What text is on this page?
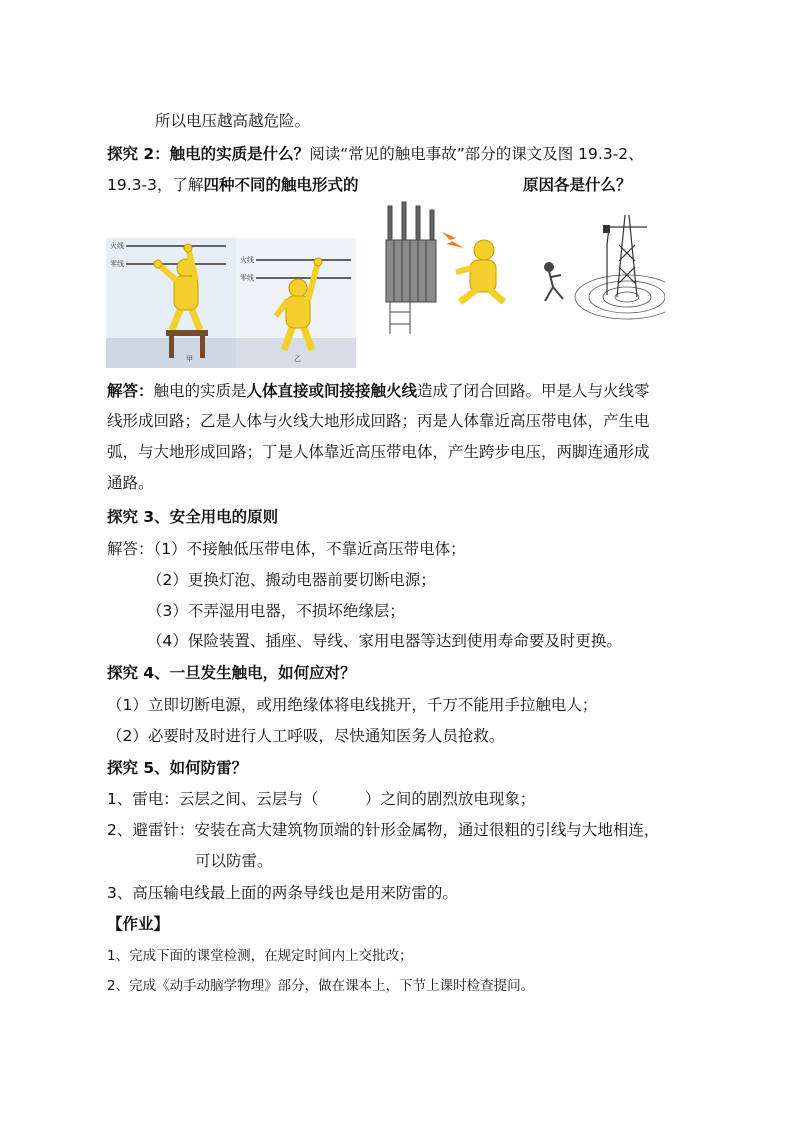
所以电压越高越危险。
探究 2：触电的实质是什么？阅读“常见的触电事故”部分的课文及图 19.3-2、
19.3-3，了解四种不同的触电形式的	原因各是什么？
火线
零线
甲
火线
零线
乙
解答：触电的实质是人体直接或间接接触火线造成了闭合回路。甲是人与火线零
线形成回路；乙是人体与火线大地形成回路；丙是人体靠近高压带电体，产生电
弧，与大地形成回路；丁是人体靠近高压带电体，产生跨步电压，两脚连通形成
通路。
探究 3、安全用电的原则
解答：（1）不接触低压带电体，不靠近高压带电体；
（2）更换灯泡、搬动电器前要切断电源；
（3）不弄湿用电器，不损坏绝缘层；
（4）保险装置、插座、导线、家用电器等达到使用寿命要及时更换。
探究 4、一旦发生触电，如何应对？
（1）立即切断电源，或用绝缘体将电线挑开，千万不能用手拉触电人；
（2）必要时及时进行人工呼吸，尽快通知医务人员抢救。
探究 5、如何防雷？
1、雷电：云层之间、云层与（　　　）之间的剧烈放电现象；
2、避雷针：安装在高大建筑物顶端的针形金属物，通过很粗的引线与大地相连，
可以防雷。
3、高压输电线最上面的两条导线也是用来防雷的。
【作业】
1、完成下面的课堂检测，在规定时间内上交批改；
2、完成《动手动脑学物理》部分，做在课本上，下节上课时检查提问。
